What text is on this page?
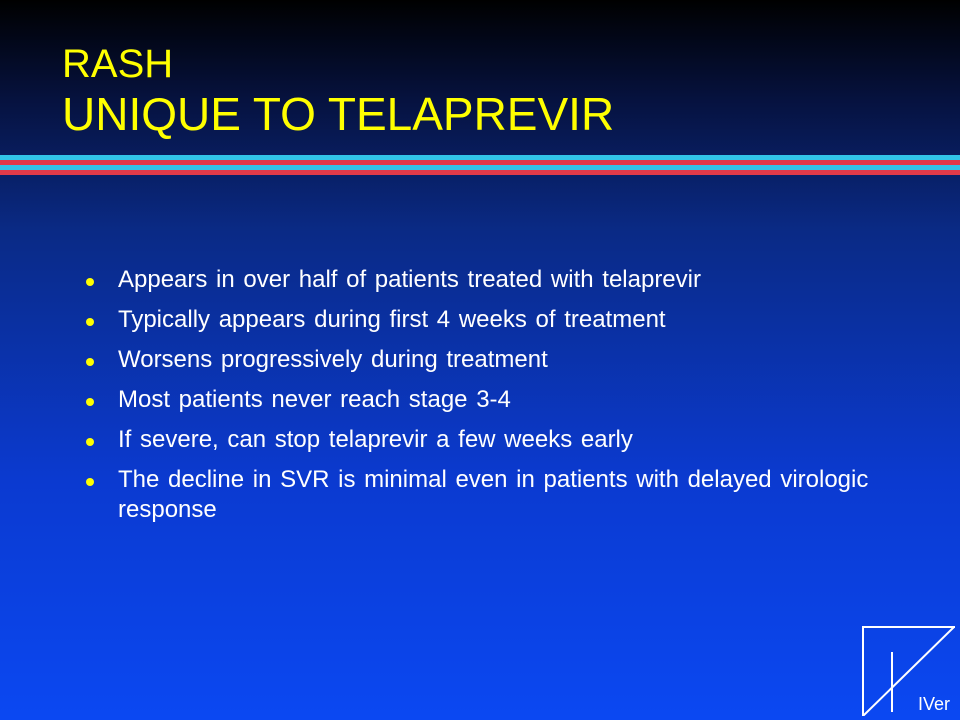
RASH
UNIQUE TO TELAPREVIR
Appears in over half of patients treated with telaprevir
Typically appears during first 4 weeks of treatment
Worsens progressively during treatment
Most patients never reach stage 3-4
If severe, can stop telaprevir a few weeks early
The decline in SVR is minimal even in patients with delayed virologic response
IVer
